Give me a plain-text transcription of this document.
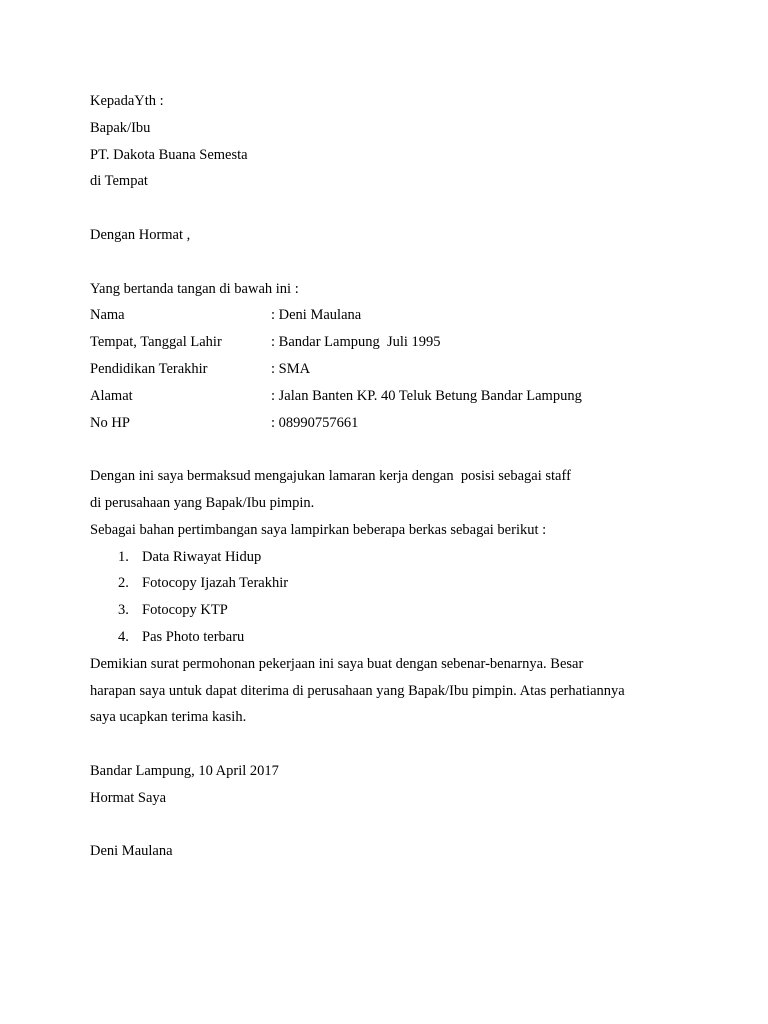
KepadaYth :
Bapak/Ibu
PT. Dakota Buana Semesta
di Tempat
Dengan Hormat ,
Yang bertanda tangan di bawah ini :
Nama	: Deni Maulana
Tempat, Tanggal Lahir	: Bandar Lampung  Juli 1995
Pendidikan Terakhir	: SMA
Alamat	: Jalan Banten KP. 40 Teluk Betung Bandar Lampung
No HP	: 08990757661
Dengan ini saya bermaksud mengajukan lamaran kerja dengan  posisi sebagai staff
di perusahaan yang Bapak/Ibu pimpin.
Sebagai bahan pertimbangan saya lampirkan beberapa berkas sebagai berikut :
1. Data Riwayat Hidup
2. Fotocopy Ijazah Terakhir
3. Fotocopy KTP
4. Pas Photo terbaru
Demikian surat permohonan pekerjaan ini saya buat dengan sebenar-benarnya. Besar
harapan saya untuk dapat diterima di perusahaan yang Bapak/Ibu pimpin. Atas perhatiannya
saya ucapkan terima kasih.
Bandar Lampung, 10 April 2017
Hormat Saya
Deni Maulana
